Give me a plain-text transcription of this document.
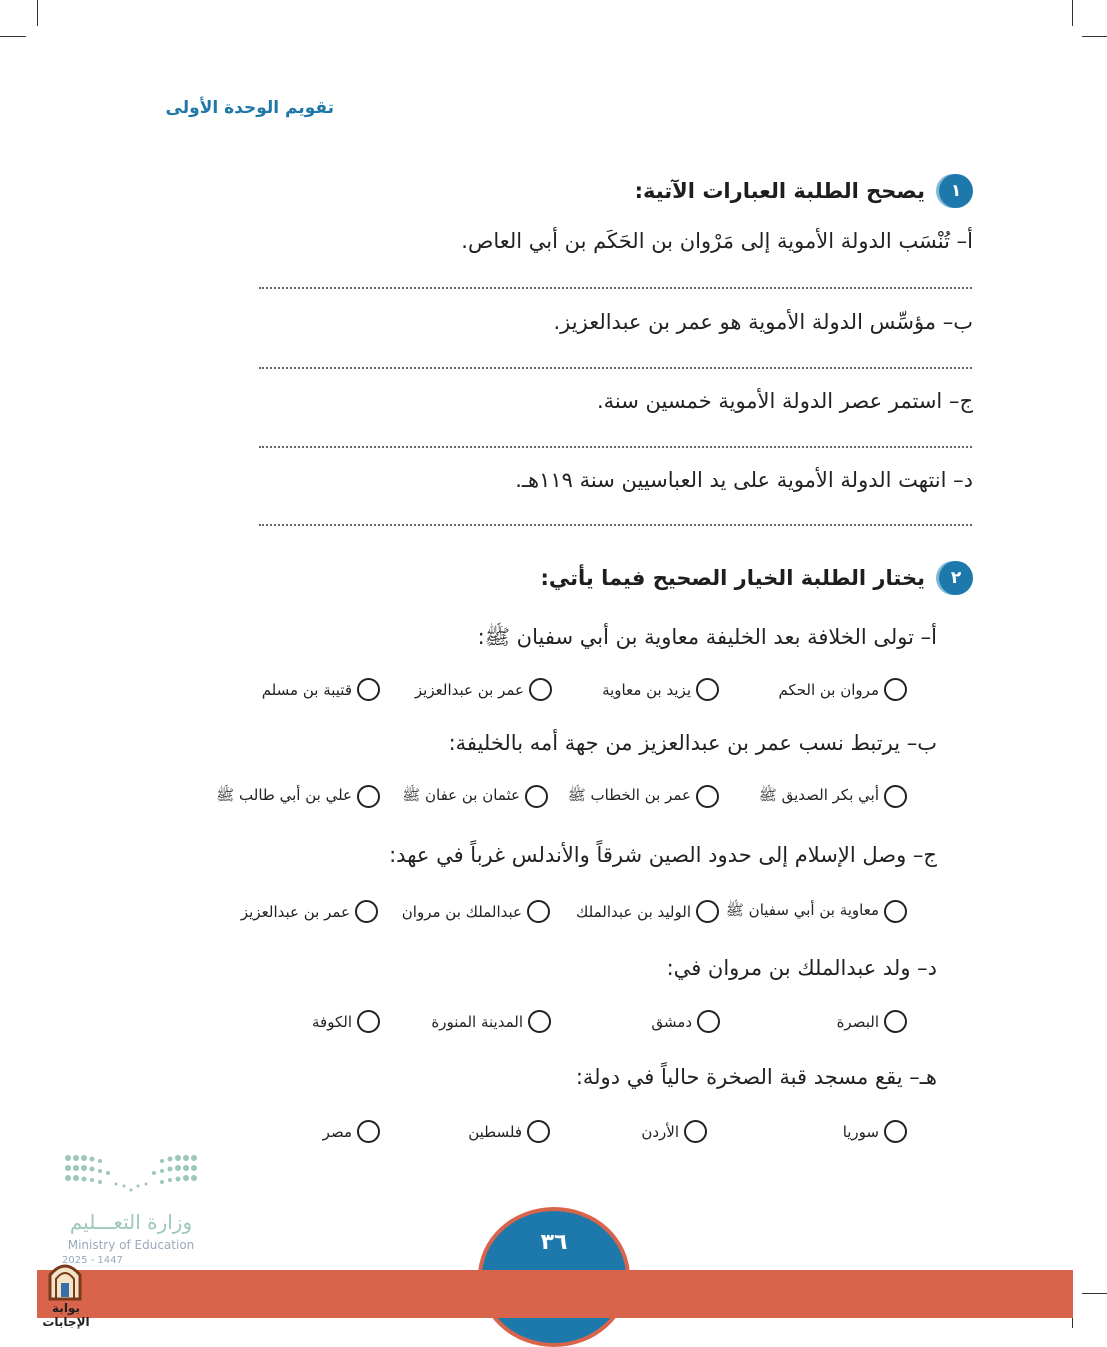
تقويم الوحدة الأولى
١
يصحح الطلبة العبارات الآتية:
أ– تُنْسَب الدولة الأموية إلى مَرْوان بن الحَكَم بن أبي العاص.
ب– مؤسِّس الدولة الأموية هو عمر بن عبدالعزيز.
ج– استمر عصر الدولة الأموية خمسين سنة.
د– انتهت الدولة الأموية على يد العباسيين سنة ١١٩هـ.
٢
يختار الطلبة الخيار الصحيح فيما يأتي:
أ– تولى الخلافة بعد الخليفة معاوية بن أبي سفيان ﷺ:
مروان بن الحكم
يزيد بن معاوية
عمر بن عبدالعزيز
قتيبة بن مسلم
ب– يرتبط نسب عمر بن عبدالعزيز من جهة أمه بالخليفة:
أبي بكر الصديق ﷺ
عمر بن الخطاب ﷺ
عثمان بن عفان ﷺ
علي بن أبي طالب ﷺ
ج– وصل الإسلام إلى حدود الصين شرقاً والأندلس غرباً في عهد:
معاوية بن أبي سفيان ﷺ
الوليد بن عبدالملك
عبدالملك بن مروان
عمر بن عبدالعزيز
د– ولد عبدالملك بن مروان في:
البصرة
دمشق
المدينة المنورة
الكوفة
هـ– يقع مسجد قبة الصخرة حالياً في دولة:
سوريا
الأردن
فلسطين
مصر
وزارة التعـــليم
Ministry of Education	٣٦
2025 - 1447
بوابة الإجابات
